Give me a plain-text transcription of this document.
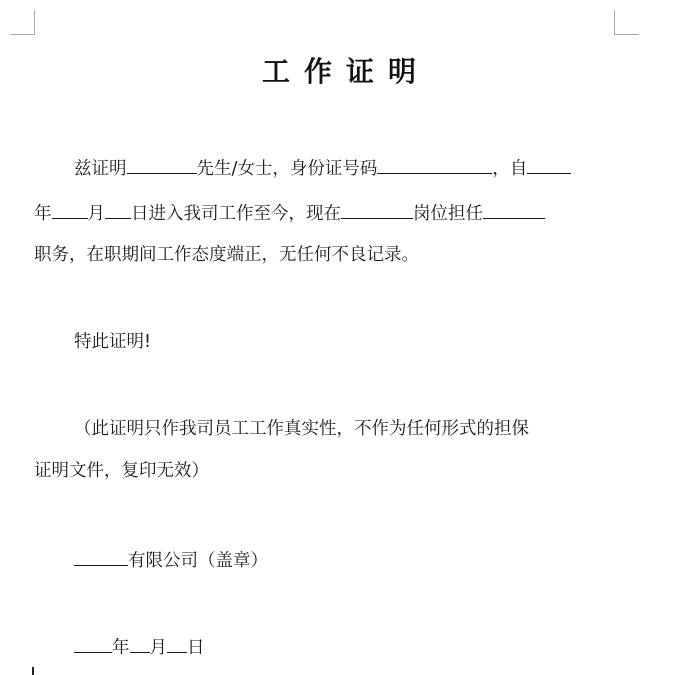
工作证明
兹证明	先生/女士，身份证号码	，自
年 月 日进入我司工作至今，现在	岗位担任
职务，在职期间工作态度端正，无任何不良记录。
特此证明!
（此证明只作我司员工工作真实性，不作为任何形式的担保
证明文件，复印无效）
有限公司（盖章）
年 月 日
